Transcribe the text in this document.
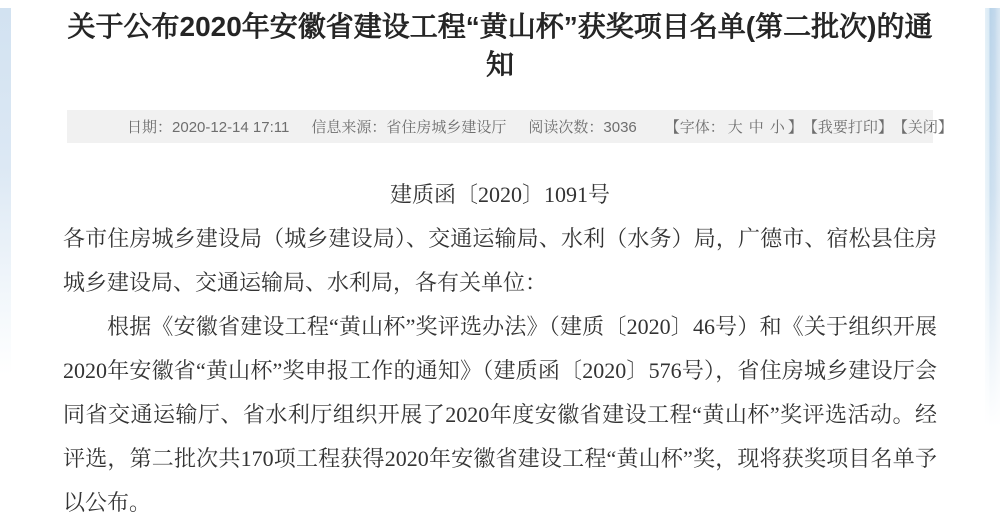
关于公布2020年安徽省建设工程“黄山杯”获奖项目名单(第二批次)的通知
日期：2020-12-14 17:11 信息来源：省住房城乡建设厅 阅读次数：3036 【字体： 大 中 小 】 【我要打印】 【关闭】

建质函〔2020〕1091号

各市住房城乡建设局（城乡建设局）、交通运输局、水利（水务）局，广德市、宿松县住房城乡建设局、交通运输局、水利局，各有关单位：

根据《安徽省建设工程“黄山杯”奖评选办法》（建质〔2020〕46号）和《关于组织开展2020年安徽省“黄山杯”奖申报工作的通知》（建质函〔2020〕576号），省住房城乡建设厅会同省交通运输厅、省水利厅组织开展了2020年度安徽省建设工程“黄山杯”奖评选活动。经评选，第二批次共170项工程获得2020年安徽省建设工程“黄山杯”奖，现将获奖项目名单予以公布。
